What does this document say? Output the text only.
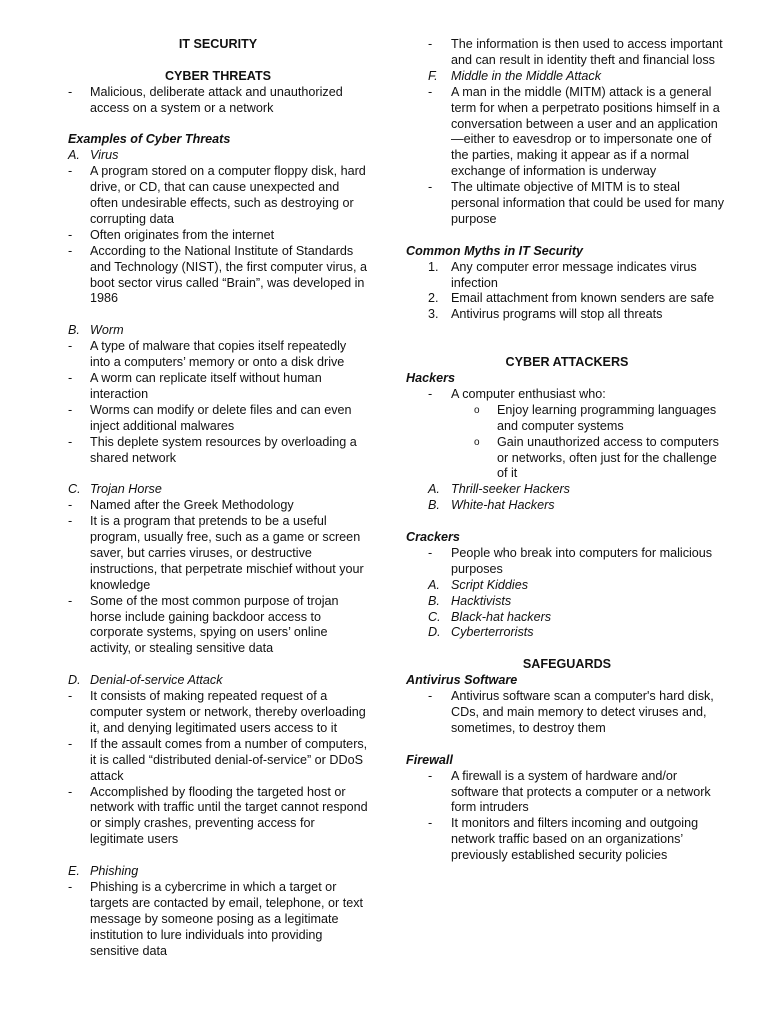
IT SECURITY
CYBER THREATS
- Malicious, deliberate attack and unauthorized access on a system or a network
Examples of Cyber Threats
A. Virus
- A program stored on a computer floppy disk, hard drive, or CD, that can cause unexpected and often undesirable effects, such as destroying or corrupting data
- Often originates from the internet
- According to the National Institute of Standards and Technology (NIST), the first computer virus, a boot sector virus called “Brain”, was developed in 1986
B. Worm
- A type of malware that copies itself repeatedly into a computers’ memory or onto a disk drive
- A worm can replicate itself without human interaction
- Worms can modify or delete files and can even inject additional malwares
- This deplete system resources by overloading a shared network
C. Trojan Horse
- Named after the Greek Methodology
- It is a program that pretends to be a useful program, usually free, such as a game or screen saver, but carries viruses, or destructive instructions, that perpetrate mischief without your knowledge
- Some of the most common purpose of trojan horse include gaining backdoor access to corporate systems, spying on users’ online activity, or stealing sensitive data
D. Denial-of-service Attack
- It consists of making repeated request of a computer system or network, thereby overloading it, and denying legitimated users access to it
- If the assault comes from a number of computers, it is called “distributed denial-of-service” or DDoS attack
- Accomplished by flooding the targeted host or network with traffic until the target cannot respond or simply crashes, preventing access for legitimate users
E. Phishing
- Phishing is a cybercrime in which a target or targets are contacted by email, telephone, or text message by someone posing as a legitimate institution to lure individuals into providing sensitive data
- The information is then used to access important and can result in identity theft and financial loss
F. Middle in the Middle Attack
- A man in the middle (MITM) attack is a general term for when a perpetrato positions himself in a conversation between a user and an application—either to eavesdrop or to impersonate one of the parties, making it appear as if a normal exchange of information is underway
- The ultimate objective of MITM is to steal personal information that could be used for many purpose
Common Myths in IT Security
1. Any computer error message indicates virus infection
2. Email attachment from known senders are safe
3. Antivirus programs will stop all threats
CYBER ATTACKERS
Hackers
- A computer enthusiast who:
o Enjoy learning programming languages and computer systems
o Gain unauthorized access to computers or networks, often just for the challenge of it
A. Thrill-seeker Hackers
B. White-hat Hackers
Crackers
- People who break into computers for malicious purposes
A. Script Kiddies
B. Hacktivists
C. Black-hat hackers
D. Cyberterrorists
SAFEGUARDS
Antivirus Software
- Antivirus software scan a computer's hard disk, CDs, and main memory to detect viruses and, sometimes, to destroy them
Firewall
- A firewall is a system of hardware and/or software that protects a computer or a network form intruders
- It monitors and filters incoming and outgoing network traffic based on an organizations’ previously established security policies
